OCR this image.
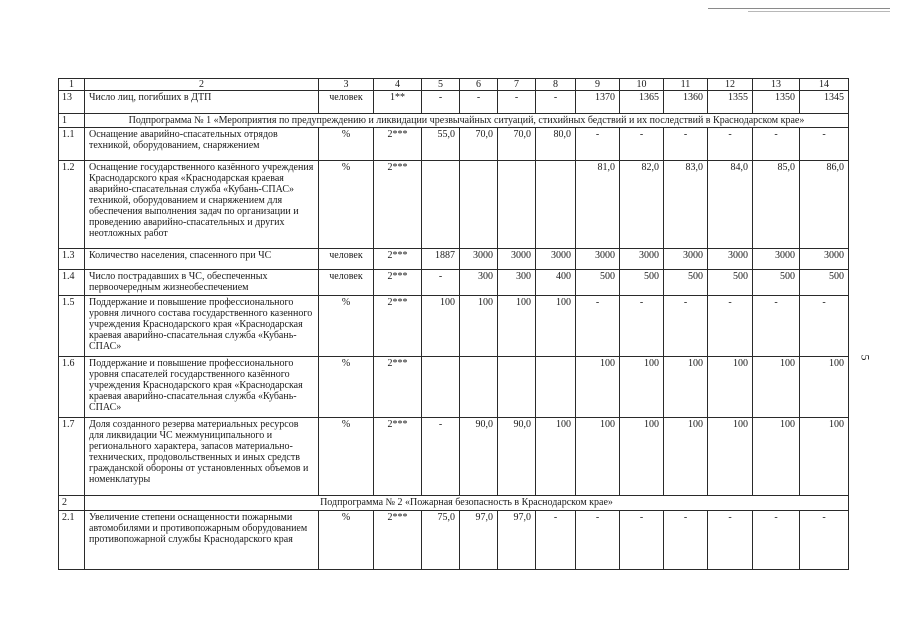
5
1	2	3	4	5	6	7	8	9	10	11	12	13	14
13	Число лиц, погибших в ДТП	человек	1**	-	-	-	-	1370	1365	1360	1355	1350	1345
1	Подпрограмма № 1 «Мероприятия по предупреждению и ликвидации чрезвычайных ситуаций, стихийных бедствий и их последствий в Краснодарском крае»												
1.1	Оснащение аварийно-спасательных отрядов техникой, оборудованием, снаряжением	%	2***	55,0	70,0	70,0	80,0	-	-	-	-	-	-
1.2	Оснащение государственного казённого учреждения Краснодарского края «Краснодарская краевая аварийно-спасательная служба «Кубань-СПАС» техникой, оборудованием и снаряжением для обеспечения выполнения задач по организации и проведению аварийно-спасательных и других неотложных работ	%	2***					81,0	82,0	83,0	84,0	85,0	86,0
1.3	Количество населения, спасенного при ЧС	человек	2***	1887	3000	3000	3000	3000	3000	3000	3000	3000	3000
1.4	Число пострадавших в ЧС, обеспеченных первоочередным жизнеобеспечением	человек	2***	-	300	300	400	500	500	500	500	500	500
1.5	Поддержание и повышение профессионального уровня личного состава государственного казенного учреждения Краснодарского края «Краснодарская краевая аварийно-спасательная служба «Кубань-СПАС»	%	2***	100	100	100	100	-	-	-	-	-	-
1.6	Поддержание и повышение профессионального уровня спасателей государственного казённого учреждения Краснодарского края «Краснодарская краевая аварийно-спасательная служба «Кубань-СПАС»	%	2***					100	100	100	100	100	100
1.7	Доля созданного резерва материальных ресурсов для ликвидации ЧС межмуниципального и регионального характера, запасов материально-технических, продовольственных и иных средств гражданской обороны от установленных объемов и номенклатуры	%	2***	-	90,0	90,0	100	100	100	100	100	100	100
2	Подпрограмма № 2 «Пожарная безопасность в Краснодарском крае»												
2.1	Увеличение степени оснащенности пожарными автомобилями и противопожарным оборудованием противопожарной службы Краснодарского края	%	2***	75,0	97,0	97,0	-	-	-	-	-	-	-
